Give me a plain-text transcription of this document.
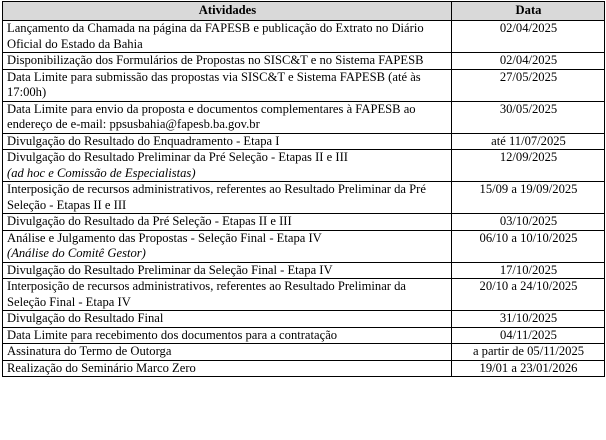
Atividades	Data

Lançamento da Chamada na página da FAPESB e publicação do Extrato no Diário Oficial do Estado da Bahia	02/04/2025

Disponibilização dos Formulários de Propostas no SISC&T e no Sistema FAPESB	02/04/2025

Data Limite para submissão das propostas via SISC&T e Sistema FAPESB (até às 17:00h)	27/05/2025

Data Limite para envio da proposta e documentos complementares à FAPESB ao endereço de e-mail: ppsusbahia@fapesb.ba.gov.br	30/05/2025

Divulgação do Resultado do Enquadramento - Etapa I	até 11/07/2025

Divulgação do Resultado Preliminar da Pré Seleção - Etapas II e III
(ad hoc e Comissão de Especialistas)	12/09/2025

Interposição de recursos administrativos, referentes ao Resultado Preliminar da Pré Seleção - Etapas II e III	15/09 a 19/09/2025

Divulgação do Resultado da Pré Seleção - Etapas II e III	03/10/2025

Análise e Julgamento das Propostas - Seleção Final - Etapa IV
(Análise do Comitê Gestor)	06/10 a 10/10/2025

Divulgação do Resultado Preliminar da Seleção Final - Etapa IV	17/10/2025

Interposição de recursos administrativos, referentes ao Resultado Preliminar da Seleção Final - Etapa IV	20/10 a 24/10/2025

Divulgação do Resultado Final	31/10/2025

Data Limite para recebimento dos documentos para a contratação	04/11/2025

Assinatura do Termo de Outorga	a partir de 05/11/2025

Realização do Seminário Marco Zero	19/01 a 23/01/2026
